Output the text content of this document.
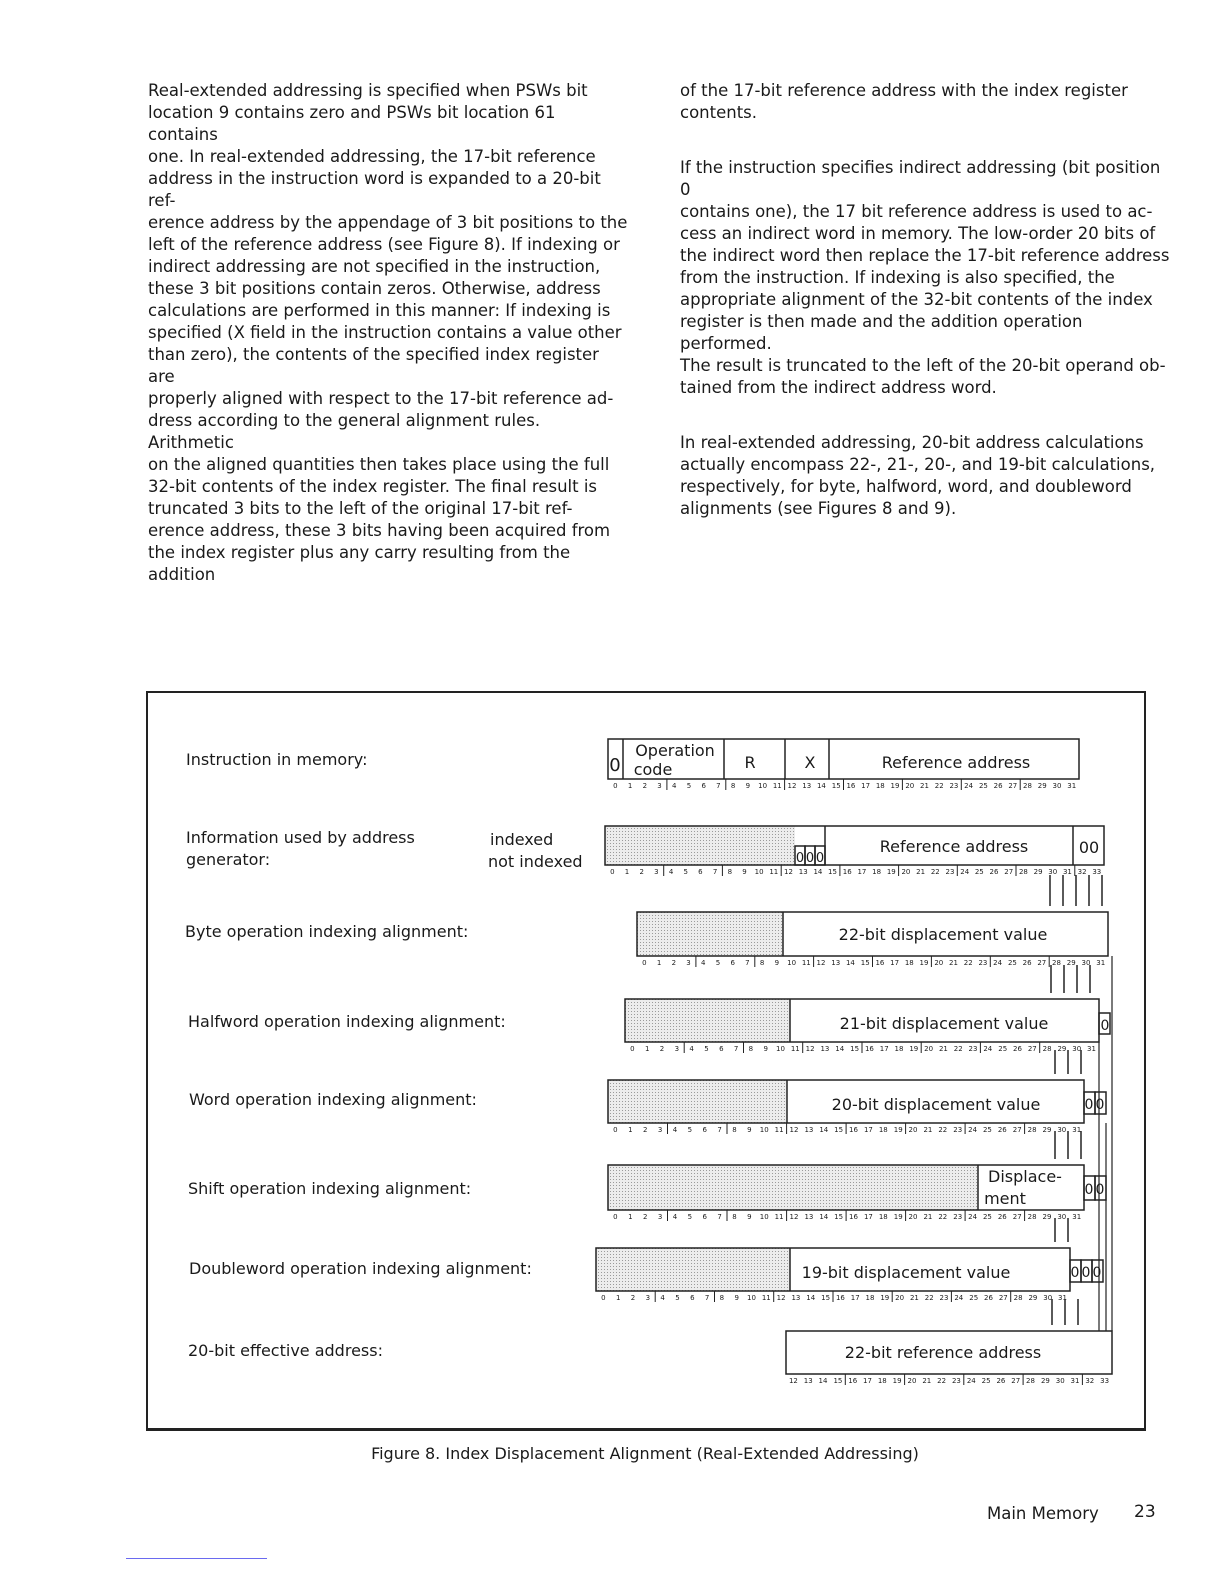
Real-extended addressing is specified when PSWs bit
location 9 contains zero and PSWs bit location 61 contains
one. In real-extended addressing, the 17-bit reference
address in the instruction word is expanded to a 20-bit ref-
erence address by the appendage of 3 bit positions to the
left of the reference address (see Figure 8). If indexing or
indirect addressing are not specified in the instruction,
these 3 bit positions contain zeros. Otherwise, address
calculations are performed in this manner: If indexing is
specified (X field in the instruction contains a value other
than zero), the contents of the specified index register are
properly aligned with respect to the 17-bit reference ad-
dress according to the general alignment rules. Arithmetic
on the aligned quantities then takes place using the full
32-bit contents of the index register. The final result is
truncated 3 bits to the left of the original 17-bit ref-
erence address, these 3 bits having been acquired from
the index register plus any carry resulting from the addition

of the 17-bit reference address with the index register
contents.

If the instruction specifies indirect addressing (bit position 0
contains one), the 17 bit reference address is used to ac-
cess an indirect word in memory. The low-order 20 bits of
the indirect word then replace the 17-bit reference address
from the instruction. If indexing is also specified, the
appropriate alignment of the 32-bit contents of the index
register is then made and the addition operation performed.
The result is truncated to the left of the 20-bit operand ob-
tained from the indirect address word.

In real-extended addressing, 20-bit address calculations
actually encompass 22-, 21-, 20-, and 19-bit calculations,
respectively, for byte, halfword, word, and doubleword
alignments (see Figures 8 and 9).

Instruction in memory:
Information used by address
generator:
indexed
not indexed
Byte operation indexing alignment:
Halfword operation indexing alignment:
Word operation indexing alignment:
Shift operation indexing alignment:
Doubleword operation indexing alignment:
20-bit effective address:
0 1 2 3 4 5 6 7 8 9 10 11 12 13 14 15 16 17 18 19 20 21 22 23 24 25 26 27 28 29 30 31
0 1 2 3 4 5 6 7 8 9 10 11 12 13 14 15 16 17 18 19 20 21 22 23 24 25 26 27 28 29 30 31 32 33
0 1 2 3 4 5 6 7 8 9 10 11 12 13 14 15 16 17 18 19 20 21 22 23 24 25 26 27 28 29 30 31
0 1 2 3 4 5 6 7 8 9 10 11 12 13 14 15 16 17 18 19 20 21 22 23 24 25 26 27 28 29 30 31
0 1 2 3 4 5 6 7 8 9 10 11 12 13 14 15 16 17 18 19 20 21 22 23 24 25 26 27 28 29 30 31
0 1 2 3 4 5 6 7 8 9 10 11 12 13 14 15 16 17 18 19 20 21 22 23 24 25 26 27 28 29 30 31
0 1 2 3 4 5 6 7 8 9 10 11 12 13 14 15 16 17 18 19 20 21 22 23 24 25 26 27 28 29 30 31
12 13 14 15 16 17 18 19 20 21 22 23 24 25 26 27 28 29 30 31 32 33
0
Operation
code	R	X	Reference address
0 0 0
Reference address	00
22-bit displacement value
21-bit displacement value	0
20-bit displacement value	0 0
Displace-
ment	0 0
19-bit displacement value	0 0 0
22-bit reference address
Figure 8. Index Displacement Alignment (Real-Extended Addressing)
Main Memory 23
